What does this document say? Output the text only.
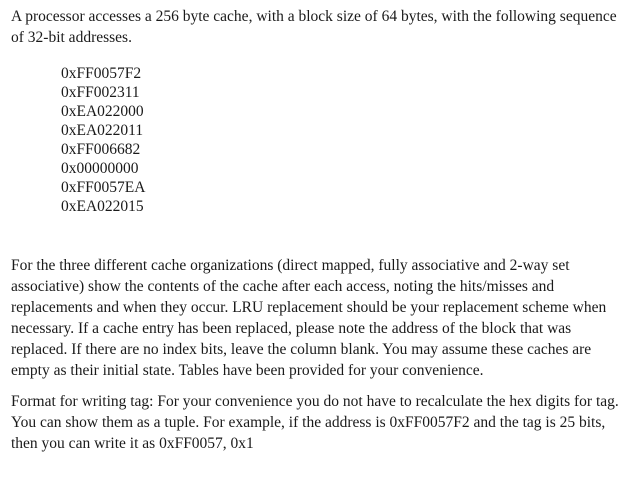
A processor accesses a 256 byte cache, with a block size of 64 bytes, with the following sequence of 32-bit addresses.

0xFF0057F2
0xFF002311
0xEA022000
0xEA022011
0xFF006682
0x00000000
0xFF0057EA
0xEA022015

For the three different cache organizations (direct mapped, fully associative and 2-way set associative) show the contents of the cache after each access, noting the hits/misses and replacements and when they occur. LRU replacement should be your replacement scheme when necessary. If a cache entry has been replaced, please note the address of the block that was replaced. If there are no index bits, leave the column blank. You may assume these caches are empty as their initial state. Tables have been provided for your convenience.

Format for writing tag: For your convenience you do not have to recalculate the hex digits for tag. You can show them as a tuple. For example, if the address is 0xFF0057F2 and the tag is 25 bits, then you can write it as 0xFF0057, 0x1
